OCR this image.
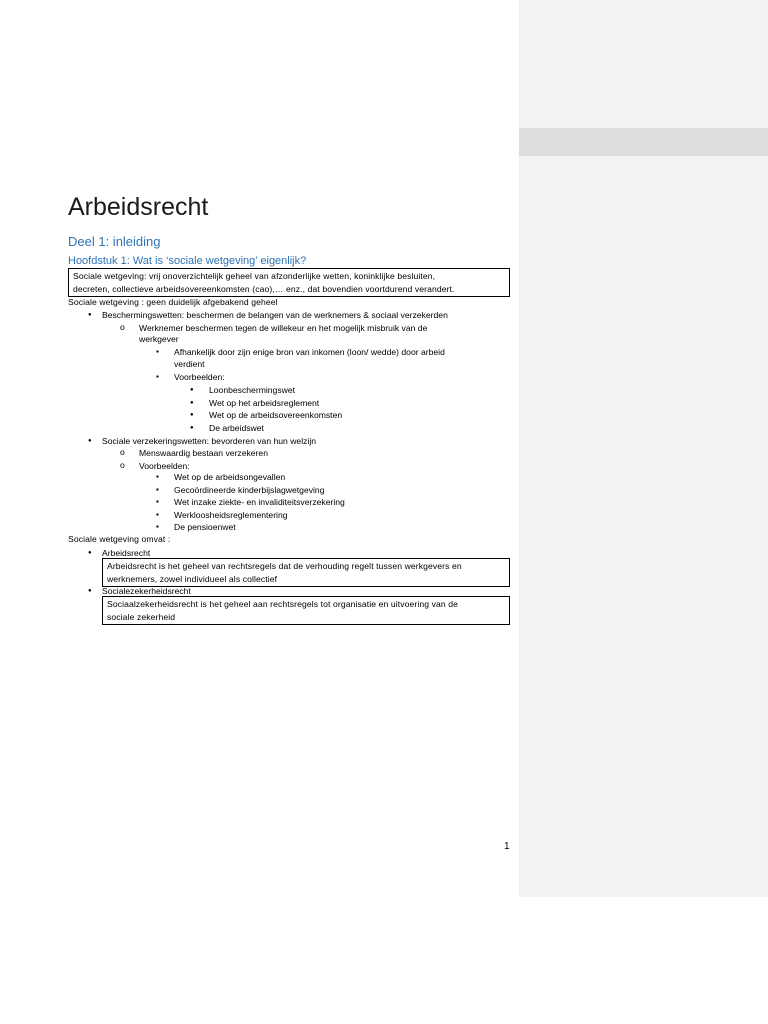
Arbeidsrecht
Deel 1: inleiding
Hoofdstuk 1: Wat is ‘sociale wetgeving’ eigenlijk?

Sociale wetgeving: vrij onoverzichtelijk geheel van afzonderlijke wetten, koninklijke besluiten,

decreten, collectieve arbeidsovereenkomsten (cao),… enz., dat bovendien voortdurend verandert.

Sociale wetgeving : geen duidelijk afgebakend geheel
●
Beschermingswetten: beschermen de belangen van de werknemers & sociaal verzekerden
o
Werknemer beschermen tegen de willekeur en het mogelijk misbruik van de
werkgever
▪
Afhankelijk door zijn enige bron van inkomen (loon/ wedde) door arbeid
verdient
▪
Voorbeelden:
●
Loonbeschermingswet
●
Wet op het arbeidsreglement
●
Wet op de arbeidsovereenkomsten
●
De arbeidswet
●
Sociale verzekeringswetten: bevorderen van hun welzijn
o
Menswaardig bestaan verzekeren
o
Voorbeelden:
▪
Wet op de arbeidsongevallen
▪
Gecoördineerde kinderbijslagwetgeving
▪
Wet inzake ziekte- en invaliditeitsverzekering
▪
Werkloosheidsreglementering
▪
De pensioenwet
Sociale wetgeving omvat :
●
Arbeidsrecht

Arbeidsrecht is het geheel van rechtsregels dat de verhouding regelt tussen werkgevers en

werknemers, zowel individueel als collectief

●
Socialezekerheidsrecht

Sociaalzekerheidsrecht is het geheel aan rechtsregels tot organisatie en uitvoering van de

sociale zekerheid

1
